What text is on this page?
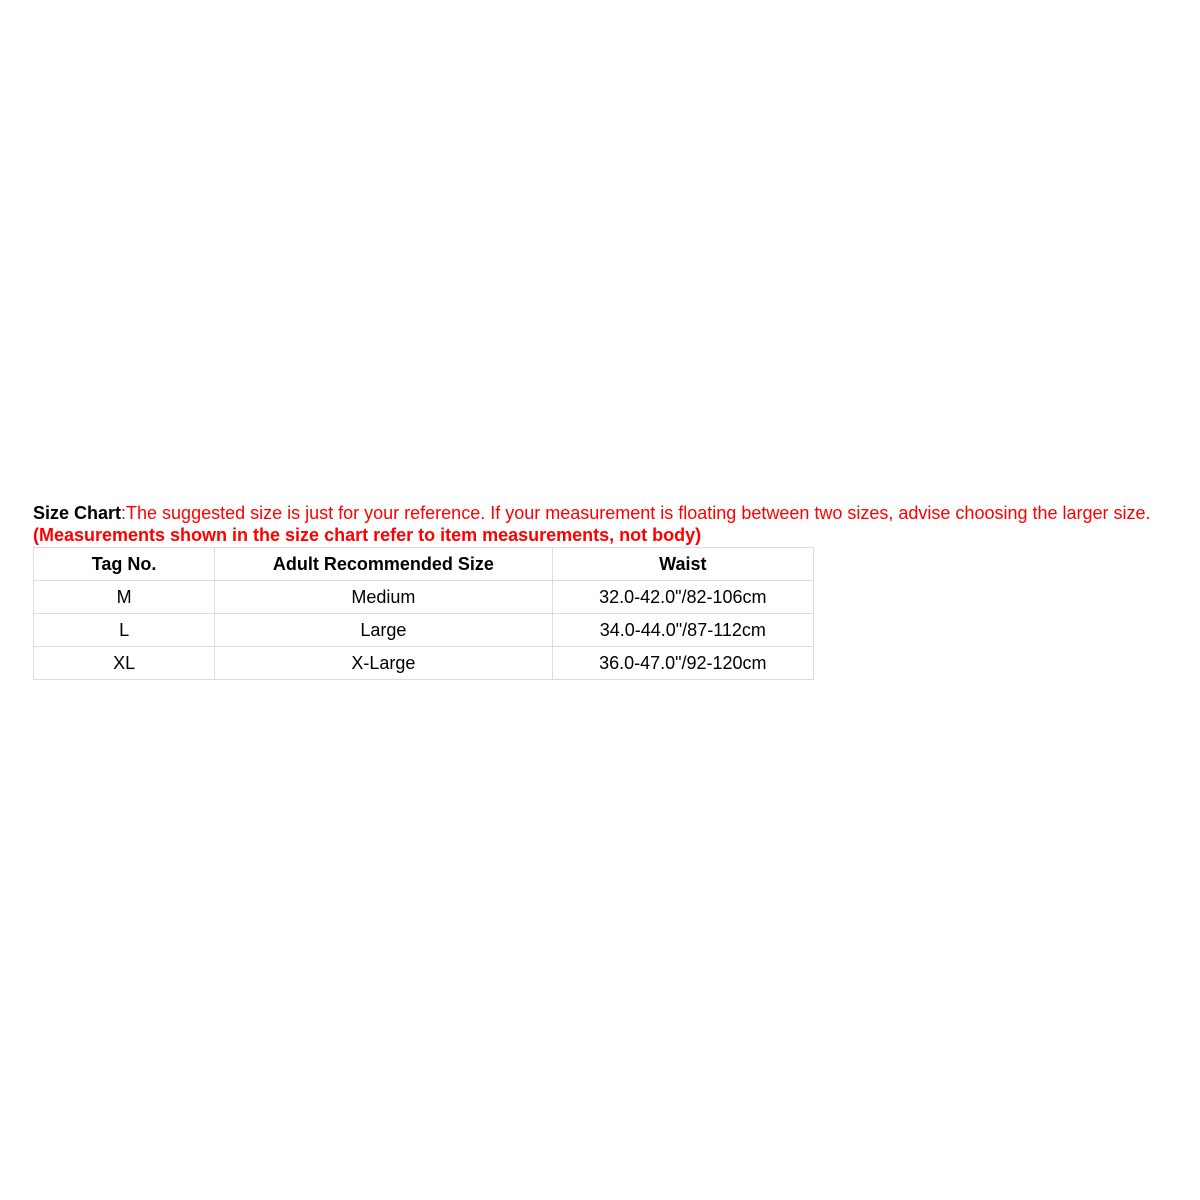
Size Chart:The suggested size is just for your reference. If your measurement is floating between two sizes, advise choosing the larger size. (Measurements shown in the size chart refer to item measurements, not body)

Tag No.	Adult Recommended Size	Waist
M	Medium	32.0-42.0"/82-106cm
L	Large	34.0-44.0"/87-112cm
XL	X-Large	36.0-47.0"/92-120cm
